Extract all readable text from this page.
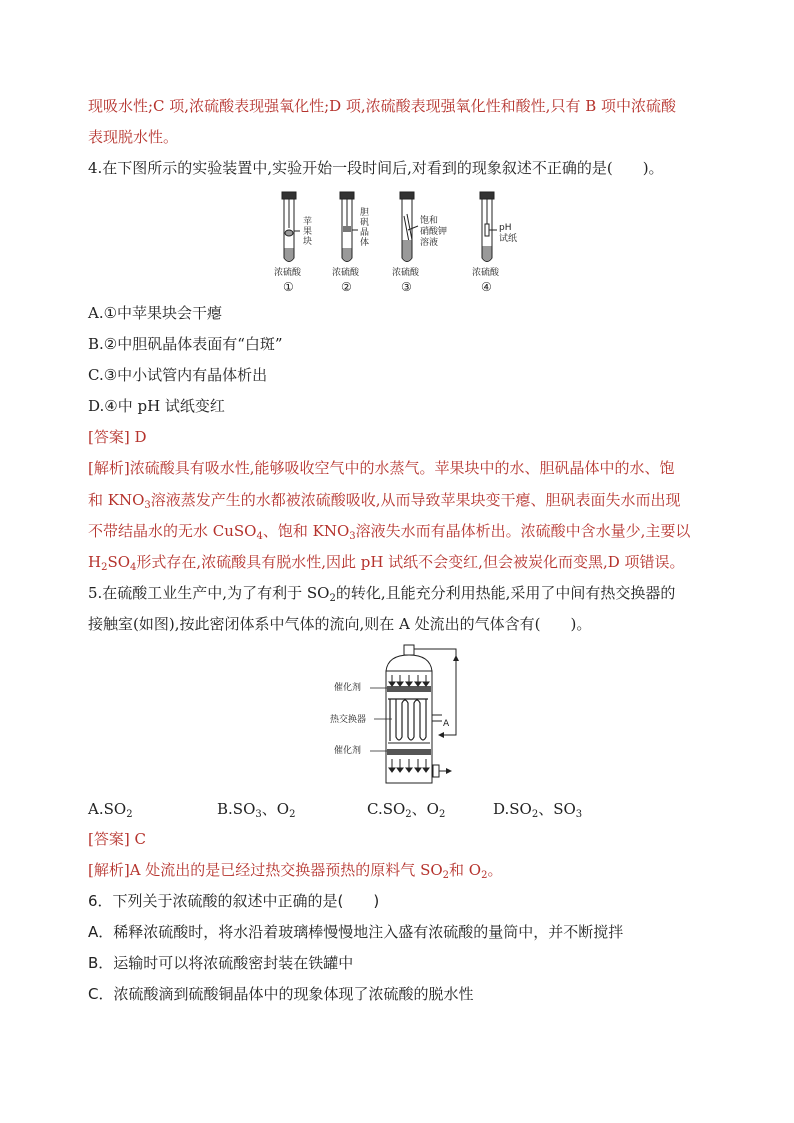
现吸水性;C 项,浓硫酸表现强氧化性;D 项,浓硫酸表现强氧化性和酸性,只有 B 项中浓硫酸
表现脱水性。
4.在下图所示的实验装置中,实验开始一段时间后,对看到的现象叙述不正确的是(　　)。
苹
果
块
胆
矾
晶
体
饱和
硝酸钾
溶液
pH
试纸
浓硫酸	浓硫酸	浓硫酸	浓硫酸
①	②	③	④
A.①中苹果块会干瘪
B.②中胆矾晶体表面有“白斑”
C.③中小试管内有晶体析出
D.④中 pH 试纸变红
[答案] D
[解析]浓硫酸具有吸水性,能够吸收空气中的水蒸气。苹果块中的水、胆矾晶体中的水、饱
和 $KNO_3$溶液蒸发产生的水都被浓硫酸吸收,从而导致苹果块变干瘪、胆矾表面失水而出现
不带结晶水的无水 CuSO$_4$、饱和 $KNO_3$溶液失水而有晶体析出。浓硫酸中含水量少,主要以
$H_2SO_4$形式存在,浓硫酸具有脱水性,因此 pH 试纸不会变红,但会被炭化而变黑,D 项错误。
5.在硫酸工业生产中,为了有利于 $SO_2$的转化,且能充分利用热能,采用了中间有热交换器的
接触室(如图),按此密闭体系中气体的流向,则在 A 处流出的气体含有(　　)。
催化剂
热交换器
催化剂
A
$A.SO_2$	$B.SO_3$、$O_2$	$C.SO_2$、$O_2$	$D.SO_2$、$SO_3$
[答案] C
[解析]A 处流出的是已经过热交换器预热的原料气 $SO_2$和 $O_2$。
6．下列关于浓硫酸的叙述中正确的是(　　)
A．稀释浓硫酸时，将水沿着玻璃棒慢慢地注入盛有浓硫酸的量筒中，并不断搅拌
B．运输时可以将浓硫酸密封装在铁罐中
C．浓硫酸滴到硫酸铜晶体中的现象体现了浓硫酸的脱水性
